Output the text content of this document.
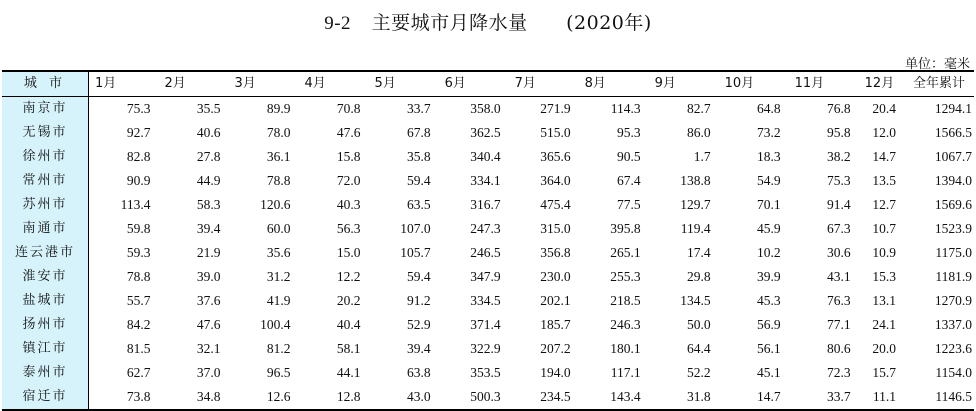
9-2 主要城市月降水量 (2020年)
单位：毫米
城 市	1月	2月	3月	4月	5月	6月	7月	8月	9月	10月	11月	12月	全年累计
南京市	75.3	35.5	89.9	70.8	33.7	358.0	271.9	114.3	82.7	64.8	76.8	20.4	1294.1
无锡市	92.7	40.6	78.0	47.6	67.8	362.5	515.0	95.3	86.0	73.2	95.8	12.0	1566.5
徐州市	82.8	27.8	36.1	15.8	35.8	340.4	365.6	90.5	1.7	18.3	38.2	14.7	1067.7
常州市	90.9	44.9	78.8	72.0	59.4	334.1	364.0	67.4	138.8	54.9	75.3	13.5	1394.0
苏州市	113.4	58.3	120.6	40.3	63.5	316.7	475.4	77.5	129.7	70.1	91.4	12.7	1569.6
南通市	59.8	39.4	60.0	56.3	107.0	247.3	315.0	395.8	119.4	45.9	67.3	10.7	1523.9
连云港市	59.3	21.9	35.6	15.0	105.7	246.5	356.8	265.1	17.4	10.2	30.6	10.9	1175.0
淮安市	78.8	39.0	31.2	12.2	59.4	347.9	230.0	255.3	29.8	39.9	43.1	15.3	1181.9
盐城市	55.7	37.6	41.9	20.2	91.2	334.5	202.1	218.5	134.5	45.3	76.3	13.1	1270.9
扬州市	84.2	47.6	100.4	40.4	52.9	371.4	185.7	246.3	50.0	56.9	77.1	24.1	1337.0
镇江市	81.5	32.1	81.2	58.1	39.4	322.9	207.2	180.1	64.4	56.1	80.6	20.0	1223.6
泰州市	62.7	37.0	96.5	44.1	63.8	353.5	194.0	117.1	52.2	45.1	72.3	15.7	1154.0
宿迁市	73.8	34.8	12.6	12.8	43.0	500.3	234.5	143.4	31.8	14.7	33.7	11.1	1146.5
